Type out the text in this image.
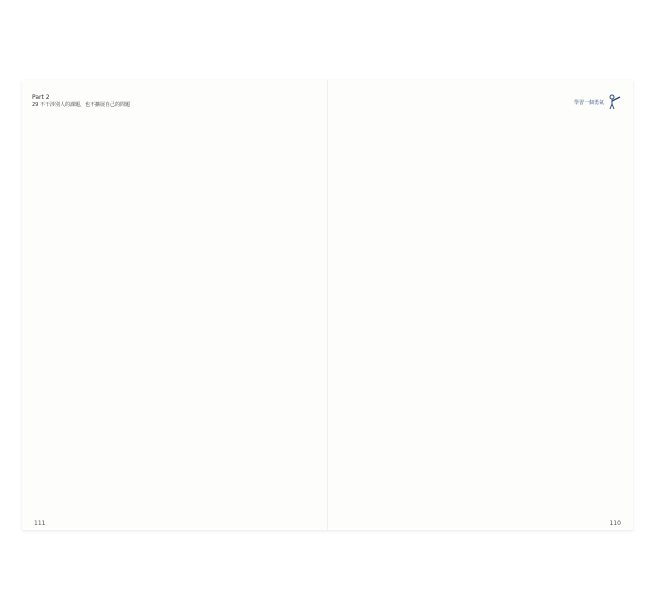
Part 2
29 不干涉別人的課題，也不擴展自己的問題
111
學習一個勇氣
110
